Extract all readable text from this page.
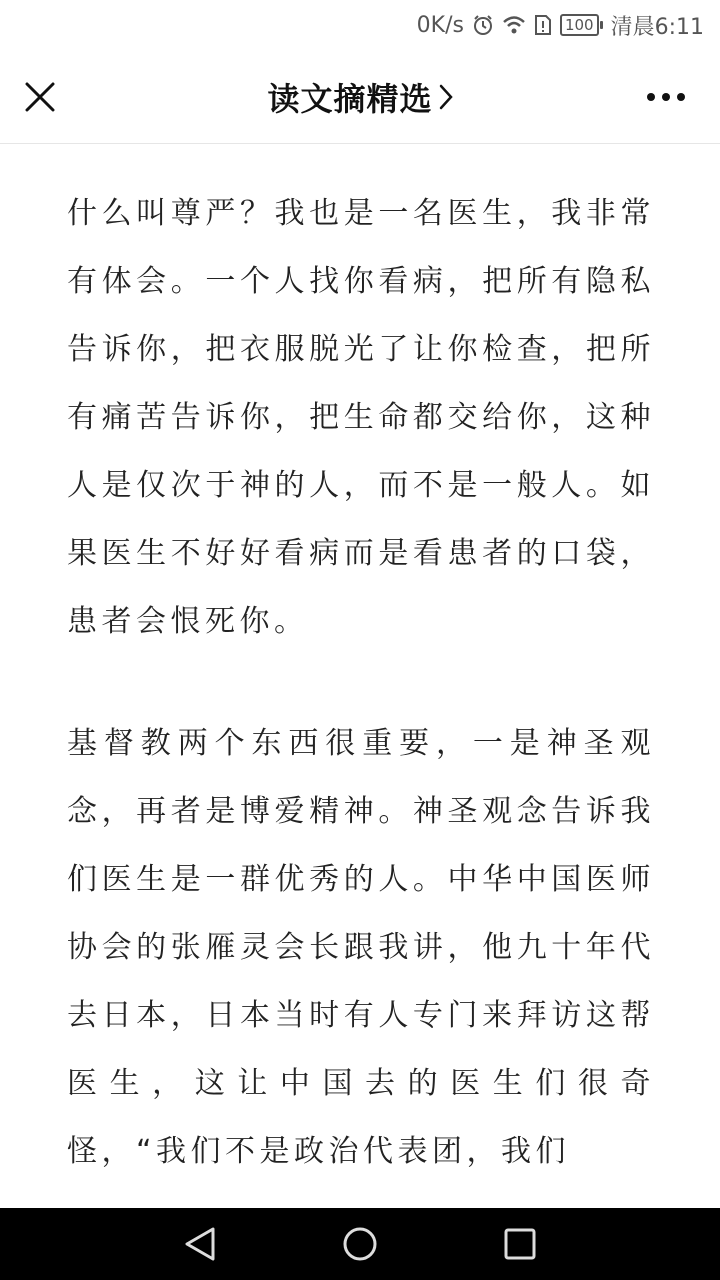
0K/s	100 清晨6:11
读文摘精选

什么叫尊严？我也是一名医生，我非常有体会。一个人找你看病，把所有隐私告诉你，把衣服脱光了让你检查，把所有痛苦告诉你，把生命都交给你，这种人是仅次于神的人，而不是一般人。如果医生不好好看病而是看患者的口袋，患者会恨死你。

基督教两个东西很重要，一是神圣观念，再者是博爱精神。神圣观念告诉我们医生是一群优秀的人。中华中国医师协会的张雁灵会长跟我讲，他九十年代去日本，日本当时有人专门来拜访这帮医生，这让中国去的医生们很奇怪，“我们不是政治代表团，我们
